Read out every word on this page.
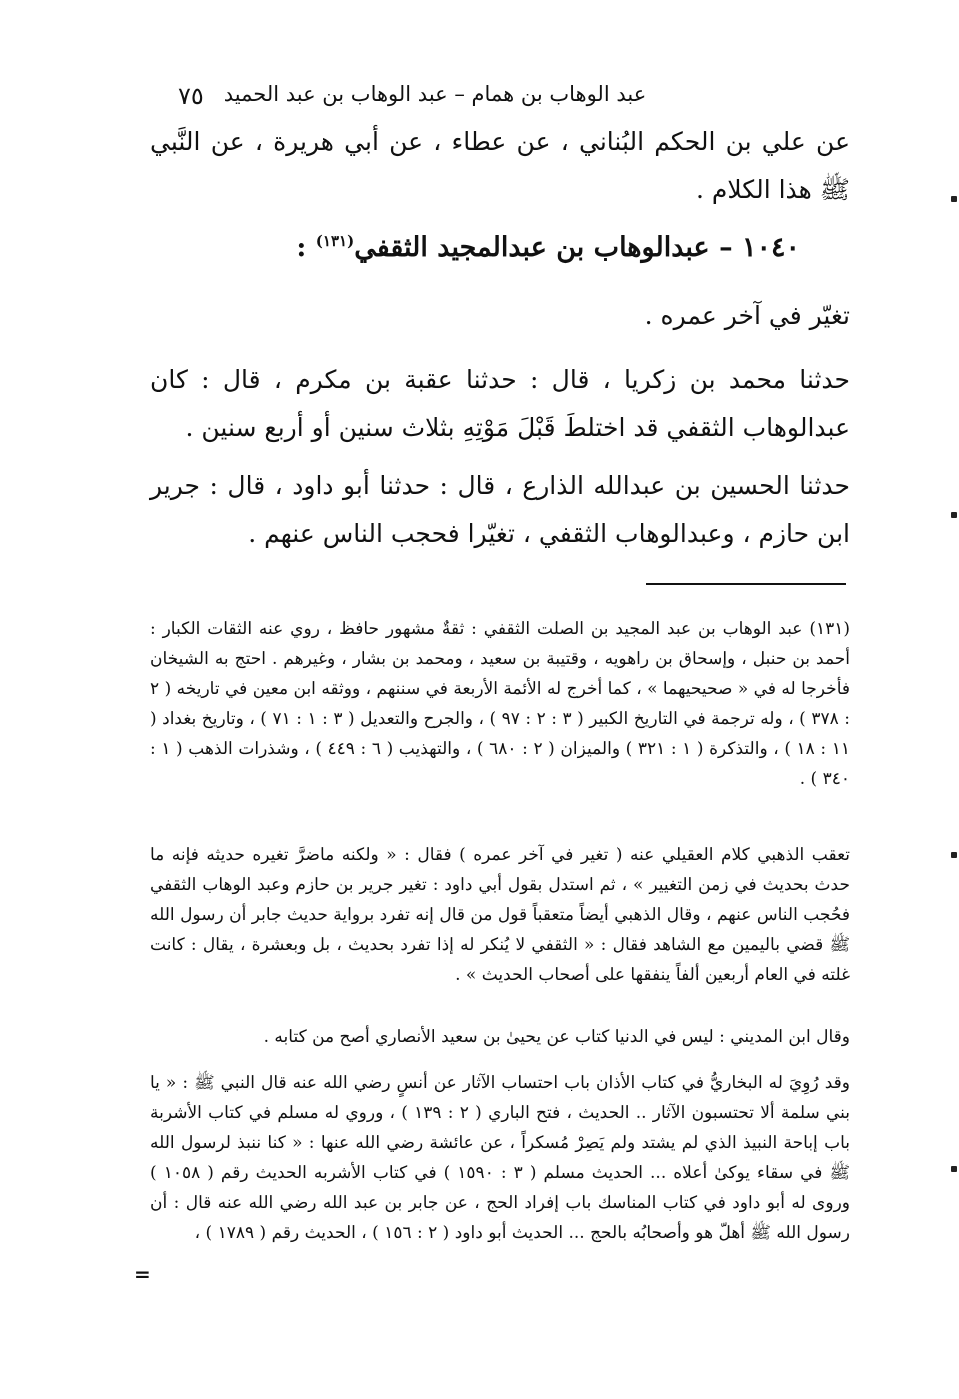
٧٥ عبد الوهاب بن همام – عبد الوهاب بن عبد الحميد

عن علي بن الحكم البُناني ، عن عطاء ، عن أبي هريرة ، عن النَّبي ﷺ هذا الكلام .

١٠٤٠ – عبدالوهاب بن عبدالمجيد الثقفي$^{(١٣١)}$ :

تغيّر في آخر عمره .

حدثنا محمد بن زكريا ، قال : حدثنا عقبة بن مكرم ، قال : كان عبدالوهاب الثقفي قد اختلطَ قَبْلَ مَوْتِهِ بثلاث سنين أو أربع سنين .

حدثنا الحسين بن عبدالله الذارع ، قال : حدثنا أبو داود ، قال : جرير ابن حازم ، وعبدالوهاب الثقفي ، تغيّرا فحجب الناس عنهم .

(١٣١) عبد الوهاب بن عبد المجيد بن الصلت الثقفي : ثقةٌ مشهور حافظ ، روي عنه الثقات الكبار : أحمد بن حنبل ، وإسحاق بن راهويه ، وقتيبة بن سعيد ، ومحمد بن بشار ، وغيرهم . احتج به الشيخان فأخرجا له في « صحيحيهما » ، كما أخرج له الأئمة الأربعة في سننهم ، ووثقه ابن معين في تاريخه ( ٢ : ٣٧٨ ) ، وله ترجمة في التاريخ الكبير ( ٣ : ٢ : ٩٧ ) ، والجرح والتعديل ( ٣ : ١ : ٧١ ) ، وتاريخ بغداد ( ١١ : ١٨ ) ، والتذكرة ( ١ : ٣٢١ ) والميزان ( ٢ : ٦٨٠ ) ، والتهذيب ( ٦ : ٤٤٩ ) ، وشذرات الذهب ( ١ : ٣٤٠ ) .

تعقب الذهبي كلام العقيلي عنه ( تغير في آخر عمره ) فقال : « ولكنه ماضرَّ تغيره حديثه فإنه ما حدث بحديث في زمن التغيير » ، ثم استدل بقول أبي داود : تغير جرير بن حازم وعبد الوهاب الثقفي فحُجب الناس عنهم ، وقال الذهبي أيضاً متعقباً قول من قال إنه تفرد برواية حديث جابر أن رسول الله ﷺ قضي باليمين مع الشاهد فقال : « الثقفي لا يُنكر له إذا تفرد بحديث ، بل وبعشرة ، يقال : كانت غلته في العام أربعين ألفاً ينفقها على أصحاب الحديث » .

وقال ابن المديني : ليس في الدنيا كتاب عن يحيىٰ بن سعيد الأنصاري أصح من كتابه .

وقد رُوِيَ له البخاريُّ في كتاب الأذان باب احتساب الآثار عن أنسٍ رضي الله عنه قال النبي ﷺ : « يا بني سلمة ألا تحتسبون الآثار .. الحديث ، فتح الباري ( ٢ : ١٣٩ ) ، وروي له مسلم في كتاب الأشربة باب إباحة النبيذ الذي لم يشتد ولم يَصِرْ مُسكراً ، عن عائشة رضي الله عنها : « كنا ننبذ لرسول الله ﷺ في سقاء يوكىٰ أعلاه ... الحديث مسلم ( ٣ : ١٥٩٠ ) في كتاب الأشربه الحديث رقم ( ١٠٥٨ ) وروى له أبو داود في كتاب المناسك باب إفراد الحج ، عن جابر بن عبد الله رضي الله عنه قال : أن رسول الله ﷺ أهلّ هو وأصحابُه بالحج ... الحديث أبو داود ( ٢ : ١٥٦ ) ، الحديث رقم ( ١٧٨٩ ) ،

=
